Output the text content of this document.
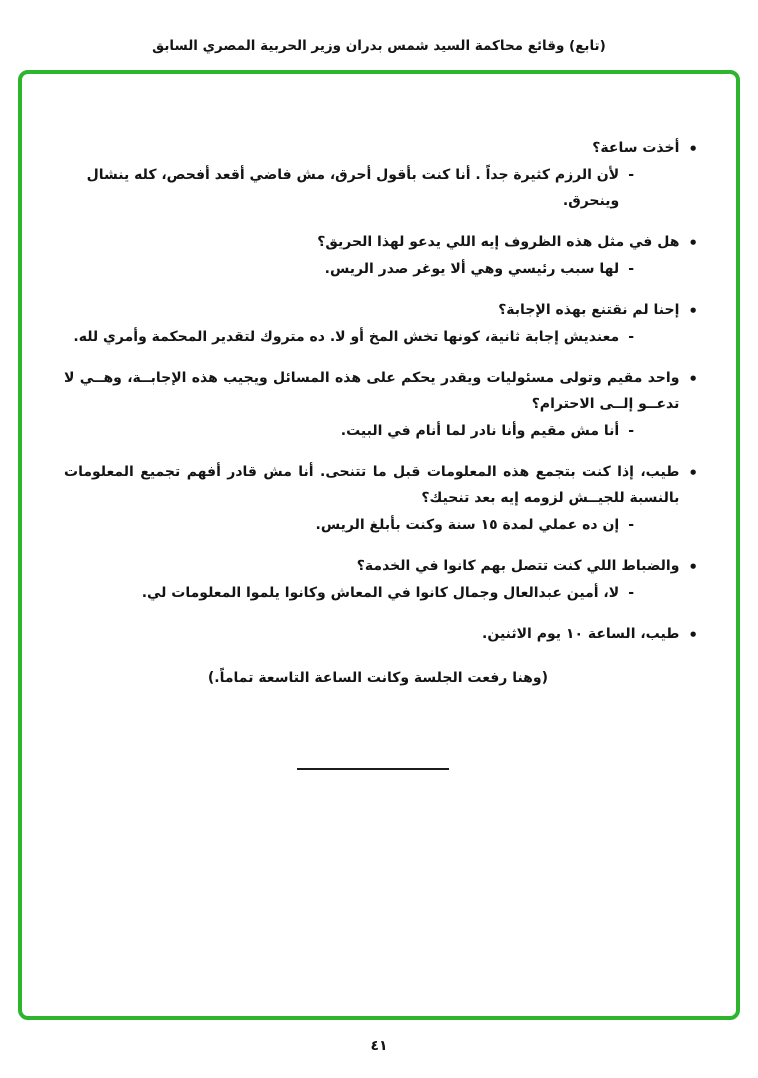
(تابع) وقائع محاكمة السيد شمس بدران وزير الحربية المصري السابق
•
أخذت ساعة؟
-
لأن الرزم كثيرة جداً . أنا كنت بأقول أحرق، مش فاضي أقعد أفحص، كله ينشال وينحرق.
•
هل في مثل هذه الظروف إيه اللي يدعو لهذا الحريق؟
-
لها سبب رئيسي وهي ألا يوغر صدر الريس.
•
إحنا لم نقتنع بهذه الإجابة؟
-
معنديش إجابة ثانية، كونها تخش المخ أو لا. ده متروك لتقدير المحكمة وأمري لله.
•
واحد مقيم وتولى مسئوليات ويقدر يحكم على هذه المسائل ويجيب هذه الإجابــة، وهــي لا تدعــو إلــى الاحترام؟
-
أنا مش مقيم وأنا نادر لما أنام في البيت.
•
طيب، إذا كنت بتجمع هذه المعلومات قبل ما تتنحى. أنا مش قادر أفهم تجميع المعلومات بالنسبة للجيــش لزومه إيه بعد تنحيك؟
-
إن ده عملي لمدة ١٥ سنة وكنت بأبلغ الريس.
•
والضباط اللي كنت تتصل بهم كانوا في الخدمة؟
-
لا، أمين عبدالعال وجمال كانوا في المعاش وكانوا يلموا المعلومات لي.
•
طيب، الساعة ١٠ يوم الاثنين.
(وهنا رفعت الجلسة وكانت الساعة التاسعة تماماً.)
٤١
